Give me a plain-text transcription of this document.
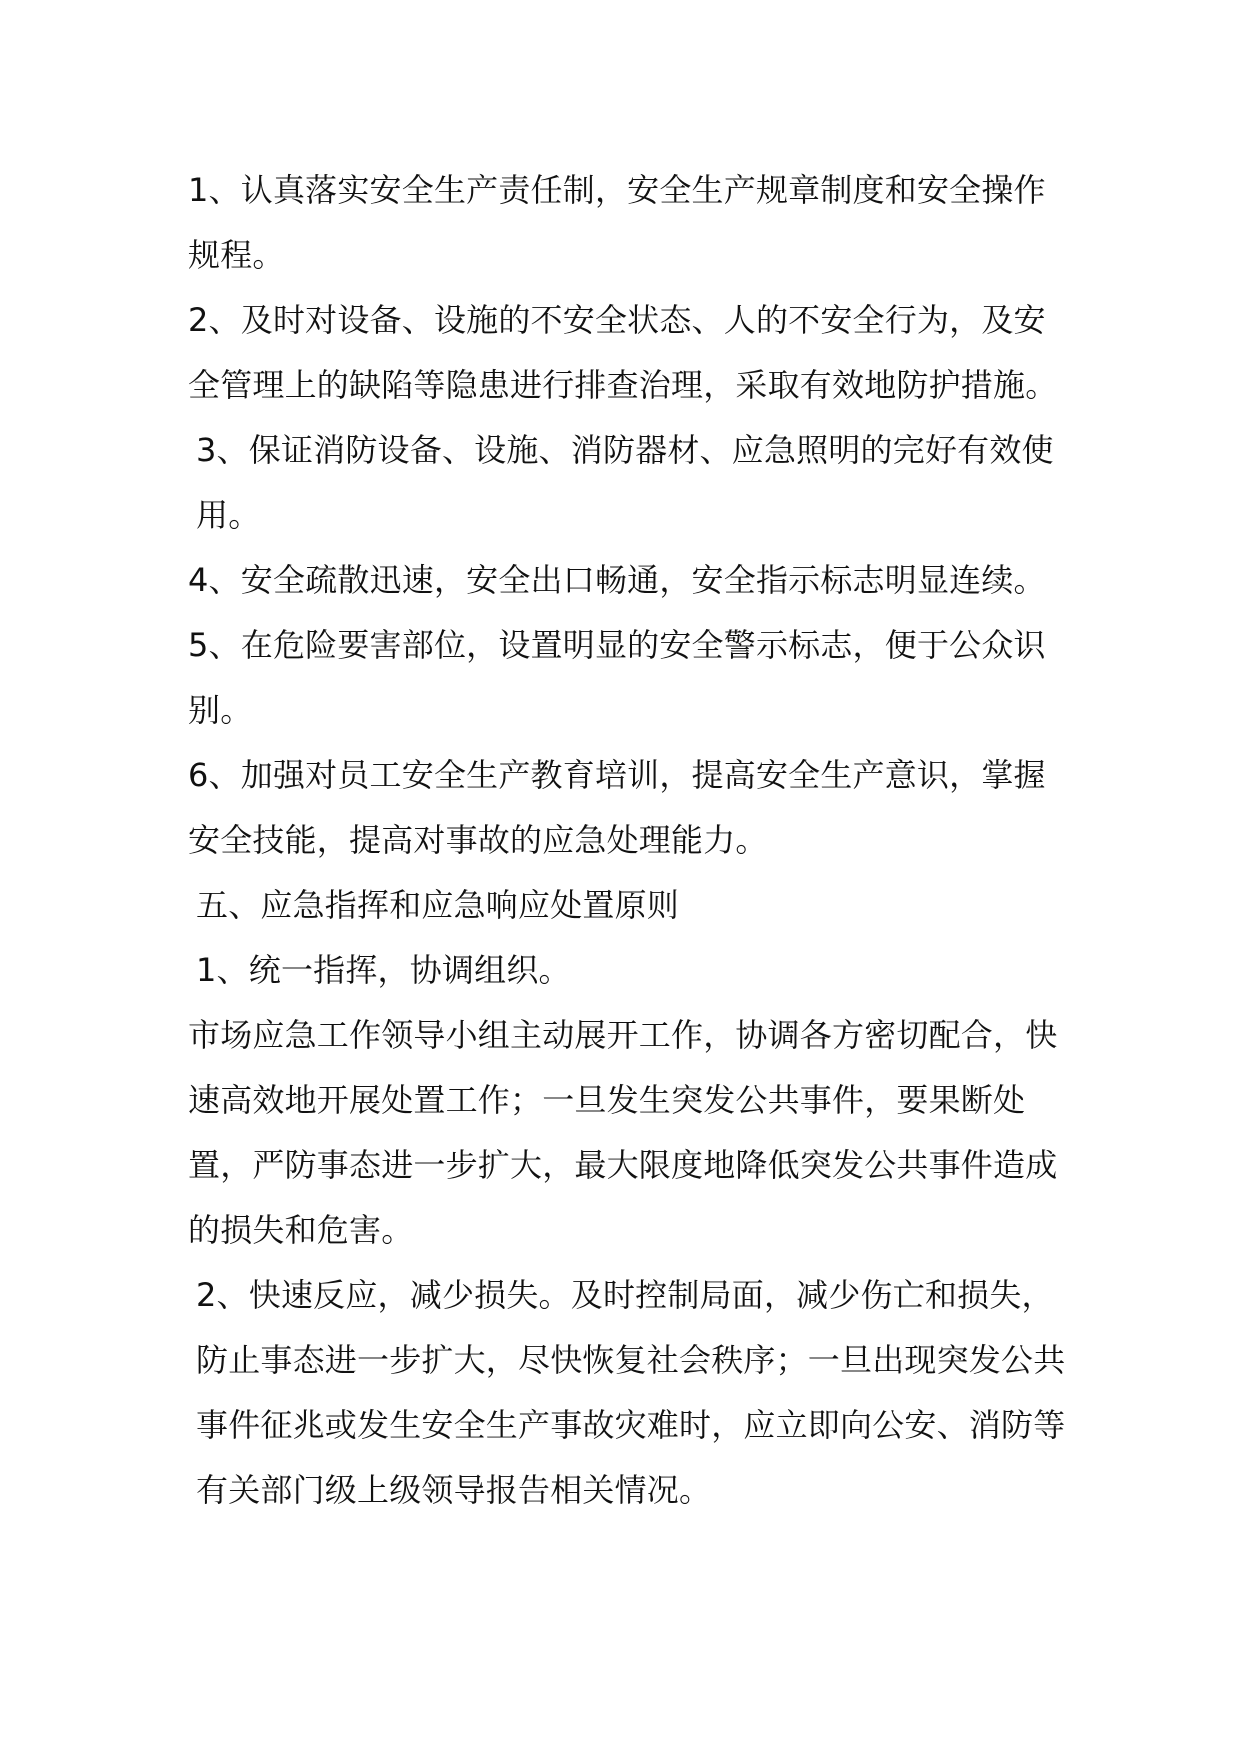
1、认真落实安全生产责任制，安全生产规章制度和安全操作规程。

2、及时对设备、设施的不安全状态、人的不安全行为，及安全管理上的缺陷等隐患进行排查治理，采取有效地防护措施。

3、保证消防设备、设施、消防器材、应急照明的完好有效使用。

4、安全疏散迅速，安全出口畅通，安全指示标志明显连续。

5、在危险要害部位，设置明显的安全警示标志，便于公众识别。

6、加强对员工安全生产教育培训，提高安全生产意识，掌握安全技能，提高对事故的应急处理能力。

五、应急指挥和应急响应处置原则

1、统一指挥，协调组织。

市场应急工作领导小组主动展开工作，协调各方密切配合，快速高效地开展处置工作；一旦发生突发公共事件，要果断处置，严防事态进一步扩大，最大限度地降低突发公共事件造成的损失和危害。

2、快速反应，减少损失。及时控制局面，减少伤亡和损失，防止事态进一步扩大，尽快恢复社会秩序；一旦出现突发公共事件征兆或发生安全生产事故灾难时，应立即向公安、消防等有关部门级上级领导报告相关情况。
